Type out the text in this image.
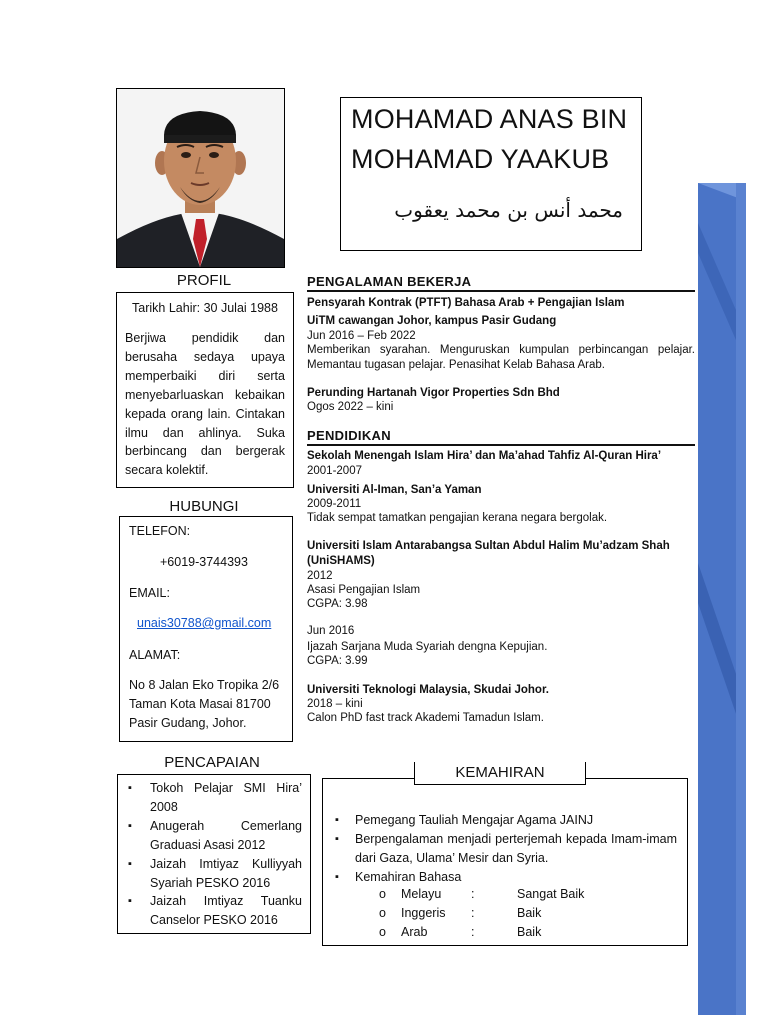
MOHAMAD ANAS BIN
MOHAMAD YAAKUB
محمد أنس بن محمد يعقوب
PROFIL
Tarikh Lahir: 30 Julai 1988
Berjiwa pendidik dan berusaha sedaya upaya memperbaiki diri serta menyebarluaskan kebaikan kepada orang lain. Cintakan ilmu dan ahlinya. Suka berbincang dan bergerak secara kolektif.
HUBUNGI
TELEFON:
+6019-3744393
EMAIL:
unais30788@gmail.com
ALAMAT:
No 8 Jalan Eko Tropika 2/6
Taman Kota Masai 81700
Pasir Gudang, Johor.
PENCAPAIAN
▪ Tokoh Pelajar SMI Hira’ 2008
▪ Anugerah Cemerlang Graduasi Asasi 2012
▪ Jaizah Imtiyaz Kulliyyah Syariah PESKO 2016
▪ Jaizah Imtiyaz Tuanku Canselor PESKO 2016
PENGALAMAN BEKERJA
Pensyarah Kontrak (PTFT) Bahasa Arab + Pengajian Islam
UiTM cawangan Johor, kampus Pasir Gudang
Jun 2016 – Feb 2022
Memberikan syarahan. Menguruskan kumpulan perbincangan pelajar. Memantau tugasan pelajar. Penasihat Kelab Bahasa Arab.
Perunding Hartanah Vigor Properties Sdn Bhd
Ogos 2022 – kini
PENDIDIKAN
Sekolah Menengah Islam Hira’ dan Ma’ahad Tahfiz Al-Quran Hira’
2001-2007
Universiti Al-Iman, San’a Yaman
2009-2011
Tidak sempat tamatkan pengajian kerana negara bergolak.
Universiti Islam Antarabangsa Sultan Abdul Halim Mu’adzam Shah
(UniSHAMS)
2012
Asasi Pengajian Islam
CGPA: 3.98
Jun 2016
Ijazah Sarjana Muda Syariah dengna Kepujian.
CGPA: 3.99
Universiti Teknologi Malaysia, Skudai Johor.
2018 – kini
Calon PhD fast track Akademi Tamadun Islam.
▪ Pemegang Tauliah Mengajar Agama JAINJ
▪ Berpengalaman menjadi perterjemah kepada Imam-imam dari Gaza, Ulama’ Mesir dan Syria.
▪ Kemahiran Bahasa
o Melayu :	Sangat Baik
o Inggeris :	Baik
o Arab	:	Baik
KEMAHIRAN
